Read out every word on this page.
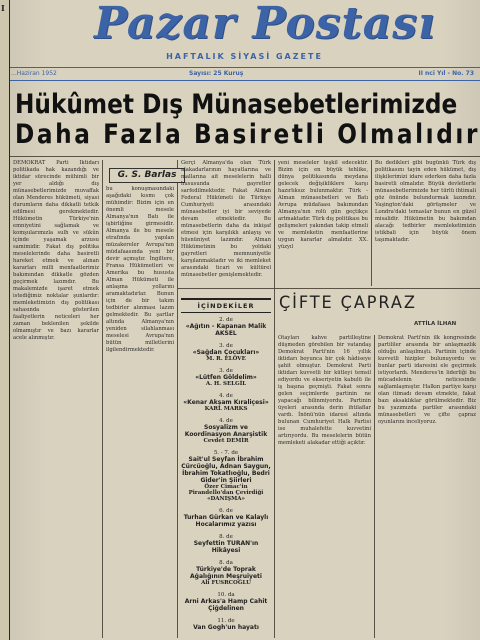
Pazar Postası
HAFTALIK SİYASİ GAZETE
...Haziran 1952	Sayısı: 25 Kuruş	II nci Yıl - No. 73
Hükûmet Dış Münasebetlerimizde
Daha Fazla Basiretli Olmalıdır
DEMOKRAT Parti İktidarı politikada hak kazandığı ve iktidar sürecinde mühimli bir yer aldığı dış münasebetlerimizde muvaffak olan Menderes hükümeti, siyasi durumların daha dikkatli tetkik edilmesi gerekmektedir. Hükümetin Türkiye'nin emniyetini sağlamak ve komşularımızla sulh ve sükûn içinde yaşamak arzusu samimidir. Fakat dış politika meselelerinde daha basiretli hareket etmek ve alınan kararları milli menfaatlerimiz bakımından dikkatle gözden geçirmek lazımdır. Bu makalemizde işaret etmek istediğimiz noktalar şunlardır: memleketimizin dış politikası sahasında gösterilen faaliyetlerin neticeleri her zaman beklenilen şekilde olmamıştır ve bazı kararlar acele alınmıştır.
G. S. Barlas
bu konuşmasındaki aşağıdaki kısmı çok mühimdir: Bizim için en önemli mesele Almanya'nın Batı ile işbirliğine girmesidir. Almanya ile bu mesele etrafında yapılan müzakereler Avrupa'nın müdafaasında yeni bir devir açmıştır. İngiltere, Fransa Hükümetleri ve Amerika bu hususta Alman Hükümeti ile anlaşma yollarını aramaktadırlar. Bunun için de bir takım tedbirler alınması lazım gelmektedir. Bu şartlar altında Almanya'nın yeniden silahlanması meselesi Avrupa'nın bütün milletlerini ilgilendirmektedir.
Gerçi Almanya'da olan Türk alakadarlarının hayatlarına ve mallarına ait meselelerin halli hususunda gayretler sarfedilmektedir. Fakat Alman Federal Hükümeti ile Türkiye Cumhuriyeti arasındaki münasebetler iyi bir seviyede devam etmektedir. Bu münasebetlerin daha da inkişaf etmesi için karşılıklı anlayış ve hüsnüniyet lazımdır. Alman Hükümetinin bu yoldaki gayretleri memnuniyetle karşılanmaktadır ve iki memleket arasındaki ticari ve kültürel münasebetler genişlemektedir.
yeni meseleler teşkil edecektir. Bizim için en büyük tehlike, dünya politikasında meydana gelecek değişikliklere karşı hazırlıksız bulunmaktır. Türk - Alman münasebetleri ve Batı Avrupa müdafaası bakımından Almanya'nın rolü gün geçtikçe artmaktadır. Türk dış politikası bu gelişmeleri yakından takip etmeli ve memleketin menfaatlerine uygun kararlar almalıdır. XX. yüzyıl
Bu dedikleri gibi bugünkü Türk dış politikasını tayin eden hükümet, dış ilişkilerimizi idare ederken daha fazla basiretli olmalıdır. Büyük devletlerle münasebetlerimizde her türlü ihtimali göz önünde bulundurmak lazımdır. Vaşington'daki görüşmeler ve Londra'daki temaslar bunun en güzel misalidir. Hükümetin bu bakımdan alacağı tedbirler memleketimizin istikbali için büyük önem taşımaktadır.
İÇİNDEKİLER
2. de
«Ağıtın - Kapanan Malik AKSEL
3. de
«Sağdan Çocukları»
M. R. ELÖVE
3. de
«Lütfen Göldelim»
A. H. SELGİL
4. de
«Kenar Akşam Kıraliçesi»
KARL MARKS
4. de
Sosyalizm ve Koordinasyon Anarşistik
Cevdet DEMİR
5. - 7. de
Sait'ul Seyfan İbrahim Cürcüoğlu, Adnan Saygun, İbrahim Tokatlıoğlu, Bedri Gider'in Şiirleri
Özer Cimac'in Pirandello'dan Çevirdiği «DANIŞMA»
6. de
Turhan Gürkan ve Kalaylı Hocalarımız yazısı
8. de
Seyfettin TURAN'ın Hikâyesi
8. da
Türkiye'de Toprak Ağalığının Meşruiyeti
Ali FUSRCOĞLU
10. da
Arni Arkas'a Hamp Cahit Çiğdelinen
11. de
Van Gogh'un hayatı
ÇİFTE ÇAPRAZ
ATTİLA İLHAN
Otayları kahve partilleştine düşmeden görebilen bir vatandaş Demokrat Parti'nin 16 yıllık iktidarı boyunca bir çok hâdiseye şahit olmuştur. Demokrat Parti iktidarı kuvvetli bir kütleyi temsil ediyordu ve ekseriyetin kabulü ile iş başına geçmişti. Fakat sonra gelen seçimlerde partinin ne yapacağı bilinmiyordu. Partinin üyeleri arasında derin ihtilaflar vardı. İnönü'nün idaresi altında bulunan Cumhuriyet Halk Partisi ise muhalefette kuvvetini artırıyordu. Bu meselelerin bütün memleketi alakadar ettiği açıktır.
Demokrat Parti'nin ilk kongresinde partililer arasında bir anlaşmazlık olduğu anlaşılmıştı. Partinin içinde kuvvetli hizipler bulunuyordu ve bunlar parti idaresini ele geçirmek istiyorlardı. Menderes'in liderliği bu mücadelenin neticesinde sağlamlaşmıştır. Halkın partiye karşı olan itimadı devam etmekte, fakat bazı aksaklıklar görülmektedir. Biz bu yazımızda partiler arasındaki münasebetleri ve çifte çapraz oyunlarını inceliyoruz.
I
